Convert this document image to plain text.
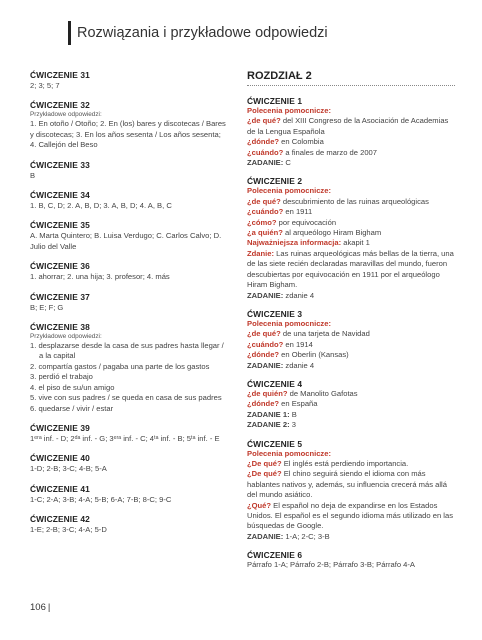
Rozwiązania i przykładowe odpowiedzi
ĆWICZENIE 31
2; 3; 5; 7
ĆWICZENIE 32
Przykładowe odpowiedzi:
1. En otoño / Otoño; 2. En (los) bares y discotecas / Bares y discotecas; 3. En los años sesenta / Los años sesenta; 4. Callejón del Beso
ĆWICZENIE 33
B
ĆWICZENIE 34
1. B, C, D; 2. A, B, D; 3. A, B, D; 4. A, B, C
ĆWICZENIE 35
A. Marta Quintero; B. Luisa Verdugo; C. Carlos Calvo; D. Julio del Valle
ĆWICZENIE 36
1. ahorrar; 2. una hija; 3. profesor; 4. más
ĆWICZENIE 37
B; E; F; G
ĆWICZENIE 38
Przykładowe odpowiedzi:
1. desplazarse desde la casa de sus padres hasta llegar / a la capital
2. compartía gastos / pagaba una parte de los gastos
3. perdió el trabajo
4. el piso de su/un amigo
5. vive con sus padres / se queda en casa de sus padres
6. quedarse / vivir / estar
ĆWICZENIE 39
1ᵉʳᵃ inf. - D; 2ᵈᵃ inf. - G; 3ᵉʳᵃ inf. - C; 4ᵗᵃ inf. - B; 5ᵗᵃ inf. - E
ĆWICZENIE 40
1-D; 2-B; 3-C; 4-B; 5-A
ĆWICZENIE 41
1-C; 2-A; 3-B; 4-A; 5-B; 6-A; 7-B; 8-C; 9-C
ĆWICZENIE 42
1-E; 2-B; 3-C; 4-A; 5-D
ROZDZIAŁ 2
ĆWICZENIE 1
Polecenia pomocnicze:
¿de qué? del XIII Congreso de la Asociación de Academias de la Lengua Española
¿dónde? en Colombia
¿cuándo? a finales de marzo de 2007
ZADANIE: C
ĆWICZENIE 2
Polecenia pomocnicze:
¿de qué? descubrimiento de las ruinas arqueológicas
¿cuándo? en 1911
¿cómo? por equivocación
¿a quién? al arqueólogo Hiram Bigham
Najważniejsza informacja: akapit 1
Zdanie: Las ruinas arqueológicas más bellas de la tierra, una de las siete recién declaradas maravillas del mundo, fueron descubiertas por equivocación en 1911 por el arqueólogo Hiram Bigham.
ZADANIE: zdanie 4
ĆWICZENIE 3
Polecenia pomocnicze:
¿de qué? de una tarjeta de Navidad
¿cuándo? en 1914
¿dónde? en Oberlin (Kansas)
ZADANIE: zdanie 4
ĆWICZENIE 4
¿de quién? de Manolito Gafotas
¿dónde? en España
ZADANIE 1: B
ZADANIE 2: 3
ĆWICZENIE 5
Polecenia pomocnicze:
¿De qué? El inglés está perdiendo importancia.
¿De qué? El chino seguirá siendo el idioma con más hablantes nativos y, además, su influencia crecerá más allá del mundo asiático.
¿Qué? El español no deja de expandirse en los Estados Unidos. El español es el segundo idioma más utilizado en las búsquedas de Google.
ZADANIE: 1-A; 2-C; 3-B
ĆWICZENIE 6
Párrafo 1-A; Párrafo 2-B; Párrafo 3-B; Párrafo 4-A
106 |
